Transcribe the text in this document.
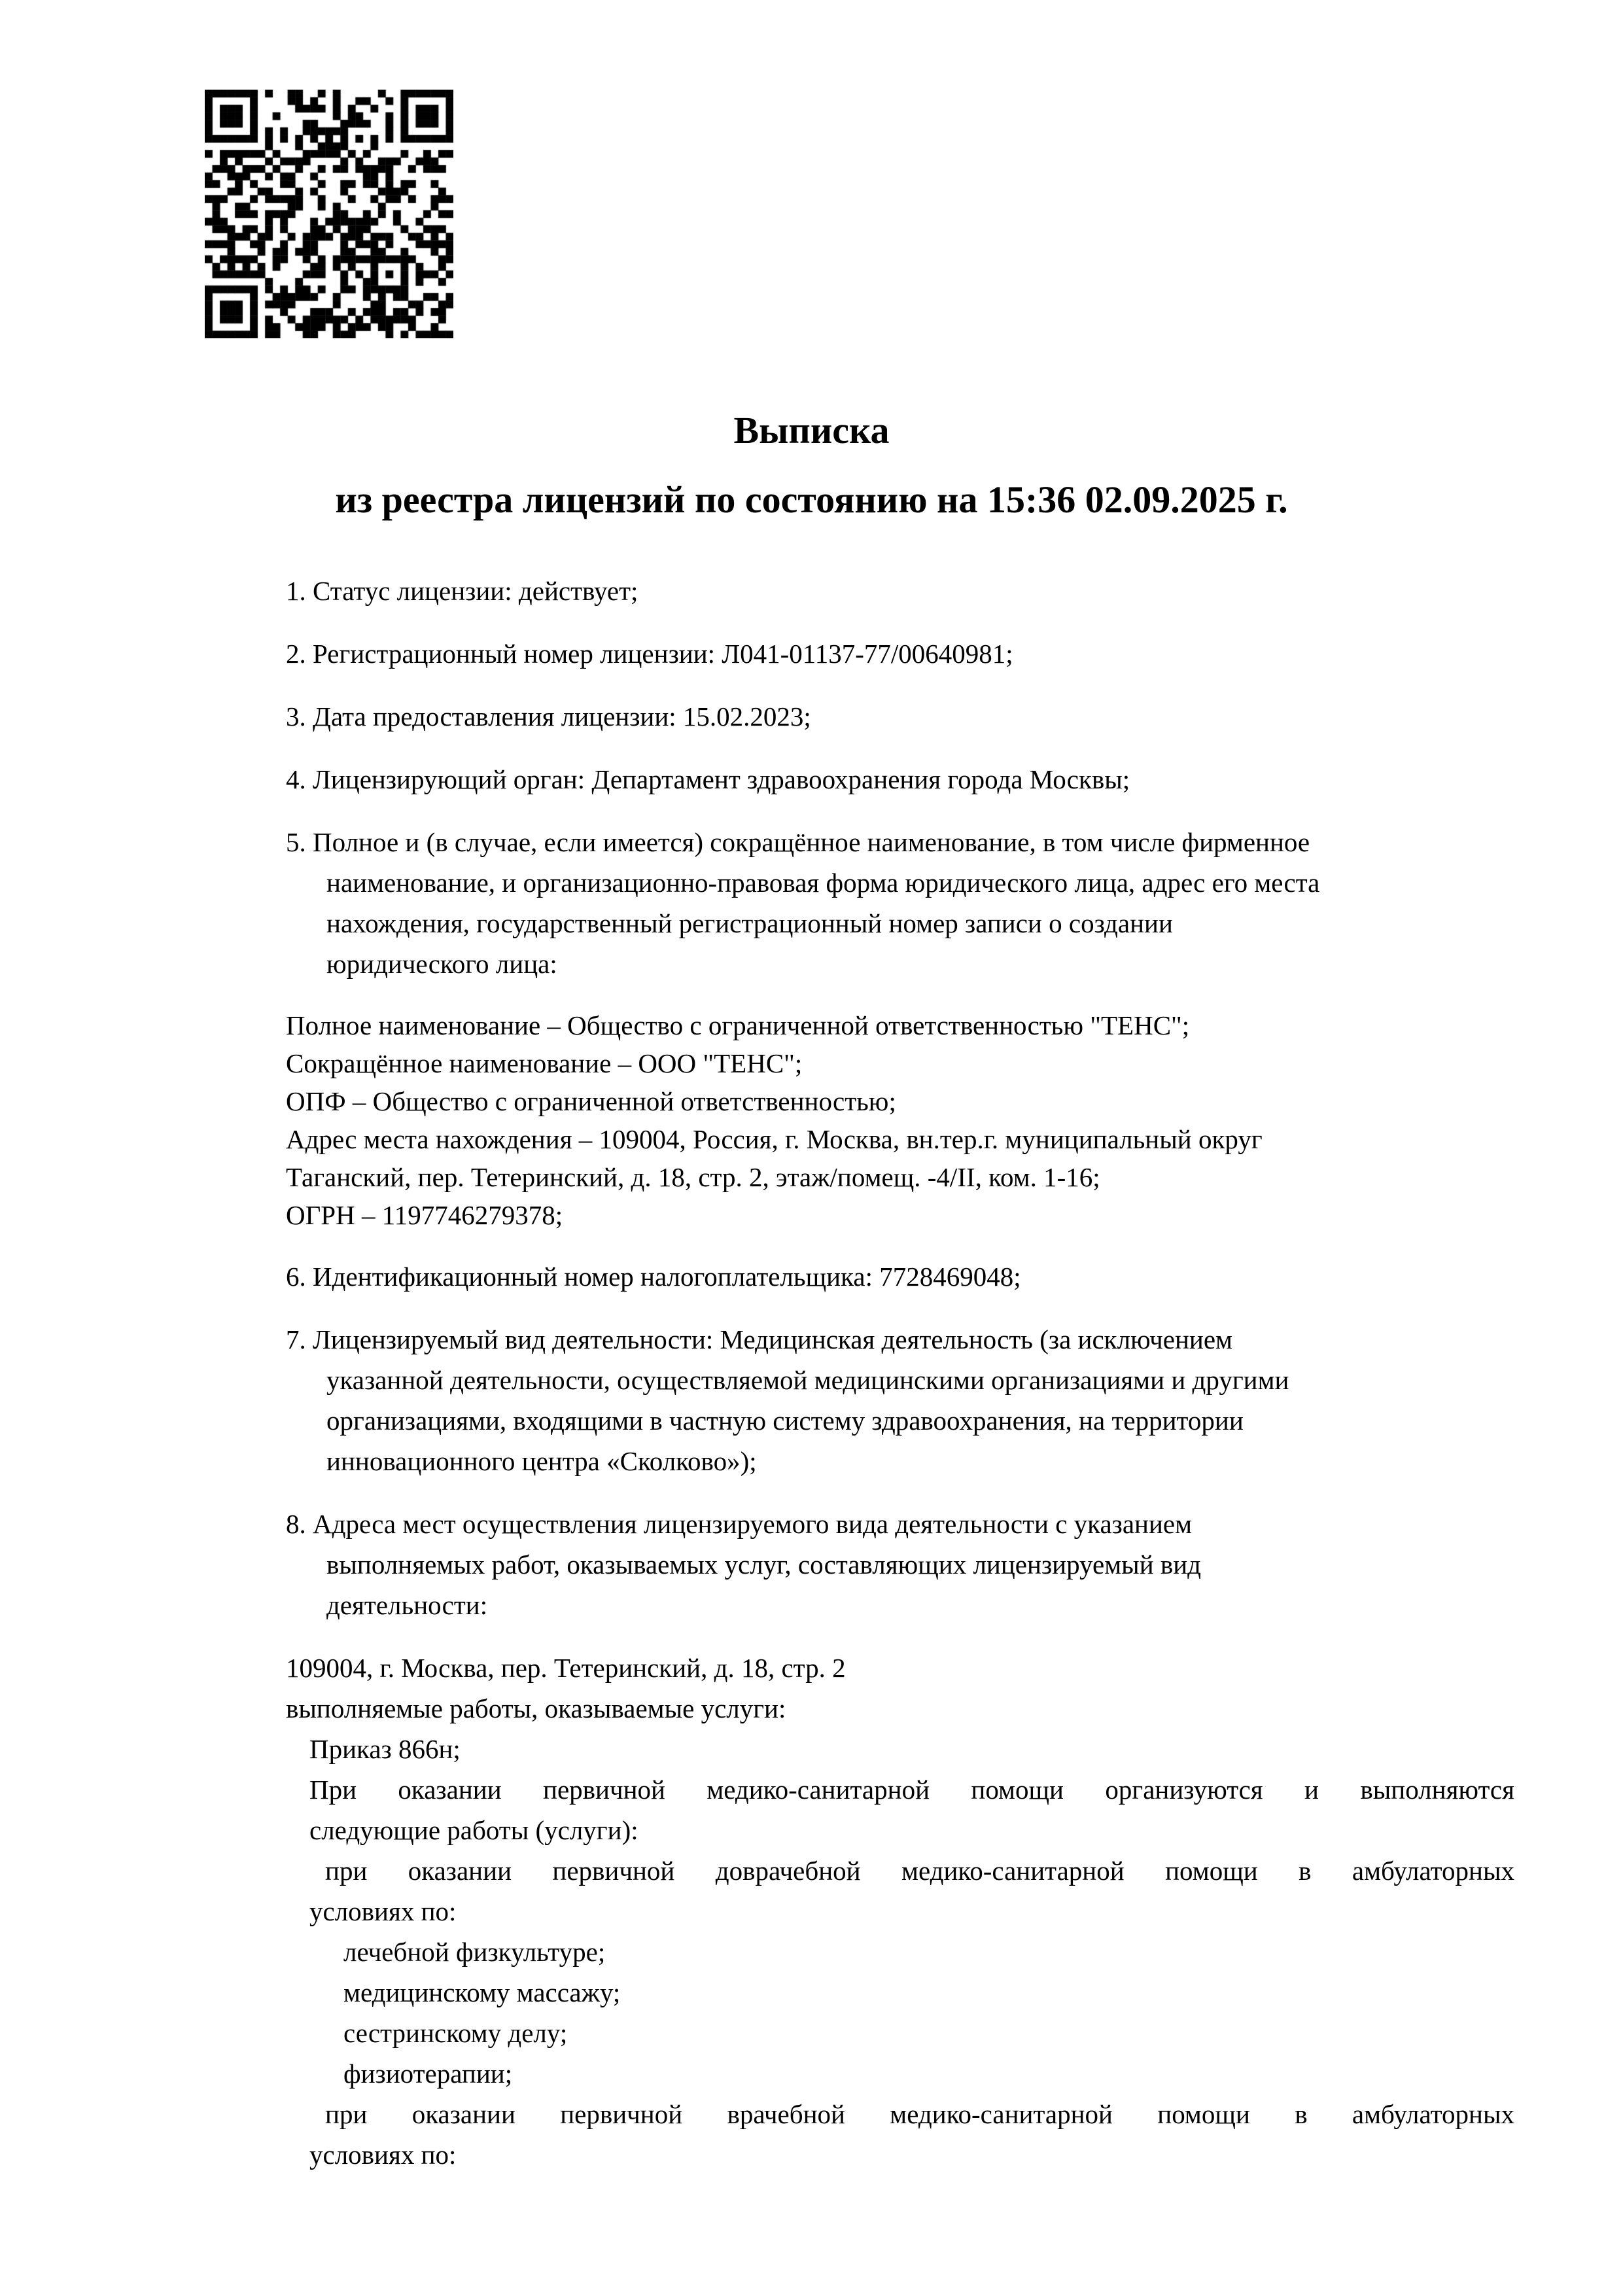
Выписка
из реестра лицензий по состоянию на 15:36 02.09.2025 г.
1. Статус лицензии: действует;
2. Регистрационный номер лицензии: Л041-01137-77/00640981;
3. Дата предоставления лицензии: 15.02.2023;
4. Лицензирующий орган: Департамент здравоохранения города Москвы;
5. Полное и (в случае, если имеется) сокращённое наименование, в том числе фирменное
наименование, и организационно-правовая форма юридического лица, адрес его места
нахождения, государственный регистрационный номер записи о создании
юридического лица:
Полное наименование – Общество с ограниченной ответственностью "ТЕНС";
Сокращённое наименование – ООО "ТЕНС";
ОПФ – Общество с ограниченной ответственностью;
Адрес места нахождения – 109004, Россия, г. Москва, вн.тер.г. муниципальный округ
Таганский, пер. Тетеринский, д. 18, стр. 2, этаж/помещ. -4/II, ком. 1-16;
ОГРН – 1197746279378;
6. Идентификационный номер налогоплательщика: 7728469048;
7. Лицензируемый вид деятельности: Медицинская деятельность (за исключением
указанной деятельности, осуществляемой медицинскими организациями и другими
организациями, входящими в частную систему здравоохранения, на территории
инновационного центра «Сколково»);
8. Адреса мест осуществления лицензируемого вида деятельности с указанием
выполняемых работ, оказываемых услуг, составляющих лицензируемый вид
деятельности:
109004, г. Москва, пер. Тетеринский, д. 18, стр. 2
выполняемые работы, оказываемые услуги:
Приказ 866н;
При оказании первичной медико-санитарной помощи организуются и выполняются
следующие работы (услуги):
при оказании первичной доврачебной медико-санитарной помощи в амбулаторных
условиях по:
лечебной физкультуре;
медицинскому массажу;
сестринскому делу;
физиотерапии;
при оказании первичной врачебной медико-санитарной помощи в амбулаторных
условиях по:
